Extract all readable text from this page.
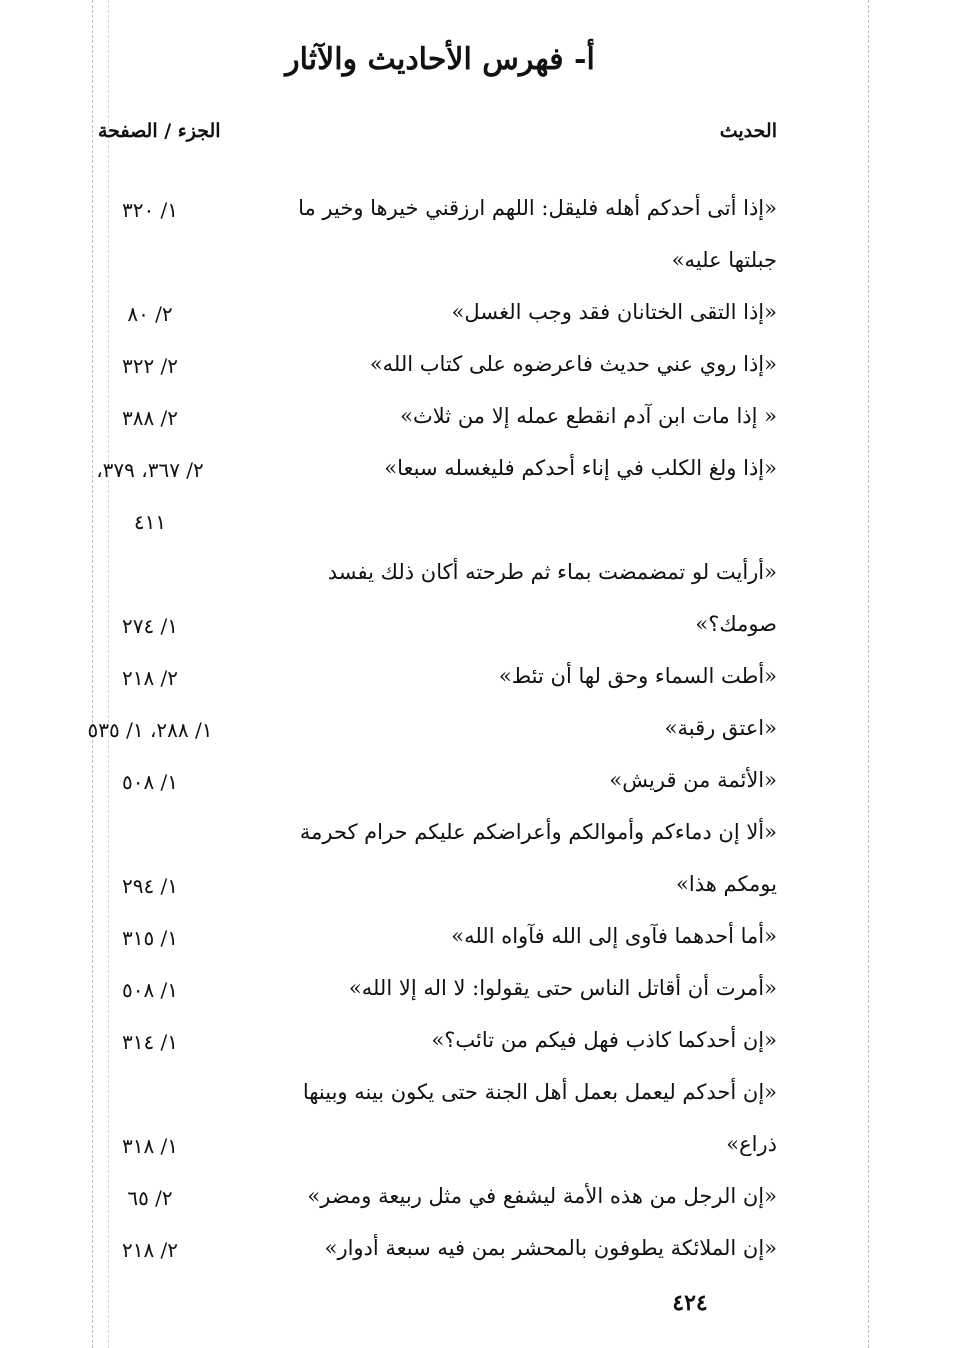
أ- فهرس الأحاديث والآثار
الحديث
الجزء / الصفحة
«إذا أتى أحدكم أهله فليقل: اللهم ارزقني خيرها وخير ما
١/ ٣٢٠
جبلتها عليه»
«إذا التقى الختانان فقد وجب الغسل»
٢/ ٨٠
«إذا روي عني حديث فاعرضوه على كتاب الله»
٢/ ٣٢٢
« إذا مات ابن آدم انقطع عمله إلا من ثلاث»
٢/ ٣٨٨
«إذا ولغ الكلب في إناء أحدكم فليغسله سبعا»
٢/ ٣٦٧، ٣٧٩،
٤١١
«أرأيت لو تمضمضت بماء ثم طرحته أكان ذلك يفسد
صومك؟»
١/ ٢٧٤
«أطت السماء وحق لها أن تئط»
٢/ ٢١٨
«اعتق رقبة»
١/ ٢٨٨، ١/ ٥٣٥
«الأئمة من قريش»
١/ ٥٠٨
«ألا إن دماءكم وأموالكم وأعراضكم عليكم حرام كحرمة
يومكم هذا»
١/ ٢٩٤
«أما أحدهما فآوى إلى الله فآواه الله»
١/ ٣١٥
«أمرت أن أقاتل الناس حتى يقولوا: لا اله إلا الله»
١/ ٥٠٨
«إن أحدكما كاذب فهل فيكم من تائب؟»
١/ ٣١٤
«إن أحدكم ليعمل بعمل أهل الجنة حتى يكون بينه وبينها
ذراع»
١/ ٣١٨
«إن الرجل من هذه الأمة ليشفع في مثل ربيعة ومضر»
٢/ ٦٥
«إن الملائكة يطوفون بالمحشر بمن فيه سبعة أدوار»
٢/ ٢١٨
٤٢٤
